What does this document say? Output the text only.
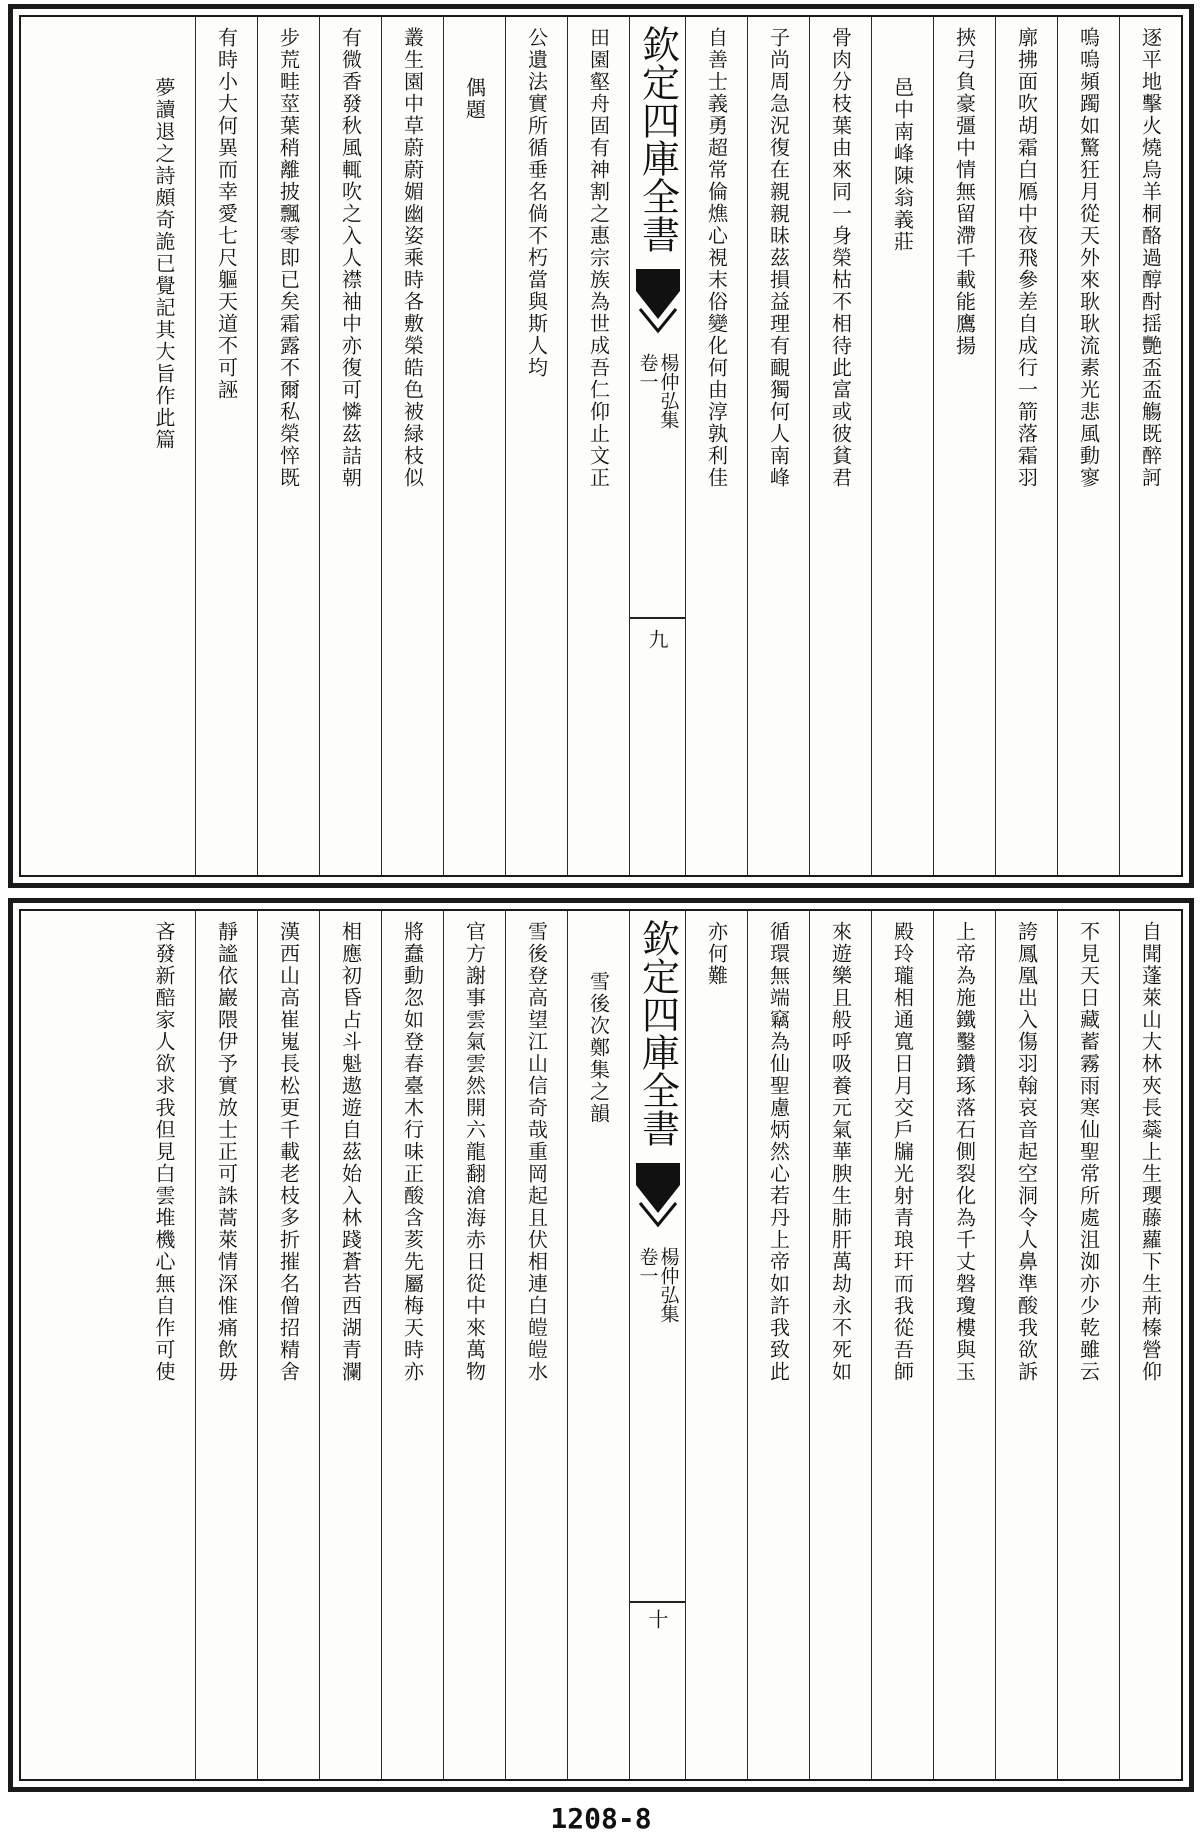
逐平地擊火燒烏羊桐酪過醇酎揺艷盃盃觴既醉訶
嗚嗚頻躅如驚狂月從天外來耿耿流素光悲風動寥
廓拂面吹胡霜白鴈中夜飛參差自成行一箭落霜羽
挾弓負豪彊中情無留滯千載能鷹揚
邑中南峰陳翁義莊
骨肉分枝葉由來同一身榮枯不相待此富或彼貧君
子尚周急況復在親親昧茲損益理有靦獨何人南峰
自善士義勇超常倫燋心視末俗變化何由淳孰利佳
欽定四庫全書
楊仲弘集
卷一
九
田園壑舟固有神割之惠宗族為世成吾仁仰止文正
公遺法實所循垂名倘不朽當與斯人均
偶題
叢生園中草蔚蔚媚幽姿乘時各敷榮皓色被緑枝似
有微香發秋風輒吹之入人襟袖中亦復可憐茲詰朝
步荒畦莖葉稍離披飄零即已矣霜露不爾私榮悴既
有時小大何異而幸愛七尺軀天道不可誣
夢讀退之詩頗奇詭已覺記其大旨作此篇
自聞蓬萊山大林夾長蘂上生瓔藤蘿下生荊榛營仰
不見天日藏蓄霧雨寒仙聖常所處沮洳亦少乾雖云
誇鳳凰出入傷羽翰哀音起空洞令人鼻準酸我欲訴
上帝為施鐵鑿鑽琢落石側裂化為千丈磐瓊樓與玉
殿玲瓏相通寬日月交戶牖光射青琅玕而我從吾師
來遊樂且般呼吸養元氣華腴生肺肝萬劫永不死如
循環無端竊為仙聖慮炳然心若丹上帝如許我致此
亦何難
欽定四庫全書
楊仲弘集
卷一
十
雪後次鄭集之韻
雪後登高望江山信奇哉重岡起且伏相連白皚皚水
官方謝事雲氣雲然開六龍翻滄海赤日從中來萬物
將蠢動忽如登春臺木行味正酸含荄先屬梅天時亦
相應初昏占斗魁遨遊自茲始入林踐蒼苔西湖青瀾
漢西山高崔嵬長松更千載老枝多折摧名僧招精舍
靜謐依巖隈伊予實放士正可誅蒿萊情深惟痛飲毋
吝發新醅家人欲求我但見白雲堆機心無自作可使
1208-8
